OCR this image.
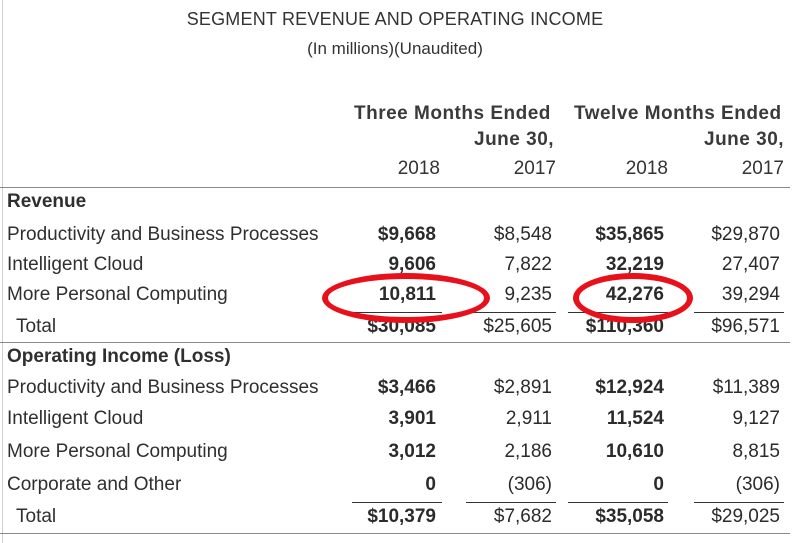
SEGMENT REVENUE AND OPERATING INCOME
(In millions)(Unaudited)
Three Months Ended Twelve Months Ended
June 30,	June 30,
2018	2017	2018	2017
Revenue
Productivity and Business Processes	$9,668	$8,548	$35,865	$29,870
Intelligent Cloud	9,606	7,822	32,219	27,407
More Personal Computing	10,811	9,235	42,276	39,294
Total	$30,085	$25,605	$110,360	$96,571
Operating Income (Loss)
Productivity and Business Processes	$3,466	$2,891	$12,924	$11,389
Intelligent Cloud	3,901	2,911	11,524	9,127
More Personal Computing	3,012	2,186	10,610	8,815
Corporate and Other	0	(306)	0	(306)
Total	$10,379	$7,682	$35,058	$29,025
